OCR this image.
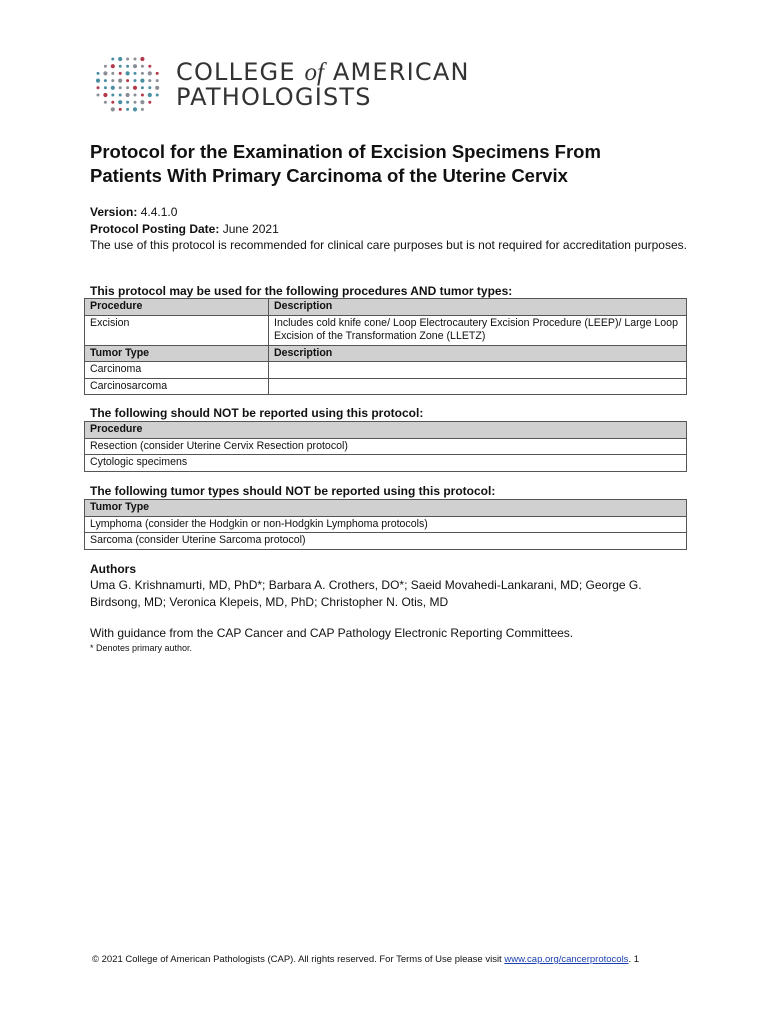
COLLEGE of AMERICAN
PATHOLOGISTS
Protocol for the Examination of Excision Specimens From
Patients With Primary Carcinoma of the Uterine Cervix
Version: 4.4.1.0
Protocol Posting Date: June 2021
The use of this protocol is recommended for clinical care purposes but is not required for accreditation purposes.
This protocol may be used for the following procedures AND tumor types:
Procedure	Description
Excision	Includes cold knife cone/ Loop Electrocautery Excision Procedure (LEEP)/ Large Loop Excision of the Transformation Zone (LLETZ)
Tumor Type	Description
Carcinoma	
Carcinosarcoma	
The following should NOT be reported using this protocol:
Procedure
Resection (consider Uterine Cervix Resection protocol)
Cytologic specimens
The following tumor types should NOT be reported using this protocol:
Tumor Type
Lymphoma (consider the Hodgkin or non-Hodgkin Lymphoma protocols)
Sarcoma (consider Uterine Sarcoma protocol)
Authors
Uma G. Krishnamurti, MD, PhD*; Barbara A. Crothers, DO*; Saeid Movahedi-Lankarani, MD; George G. Birdsong, MD; Veronica Klepeis, MD, PhD; Christopher N. Otis, MD
With guidance from the CAP Cancer and CAP Pathology Electronic Reporting Committees.
* Denotes primary author.
© 2021 College of American Pathologists (CAP). All rights reserved. For Terms of Use please visit www.cap.org/cancerprotocols. 1
